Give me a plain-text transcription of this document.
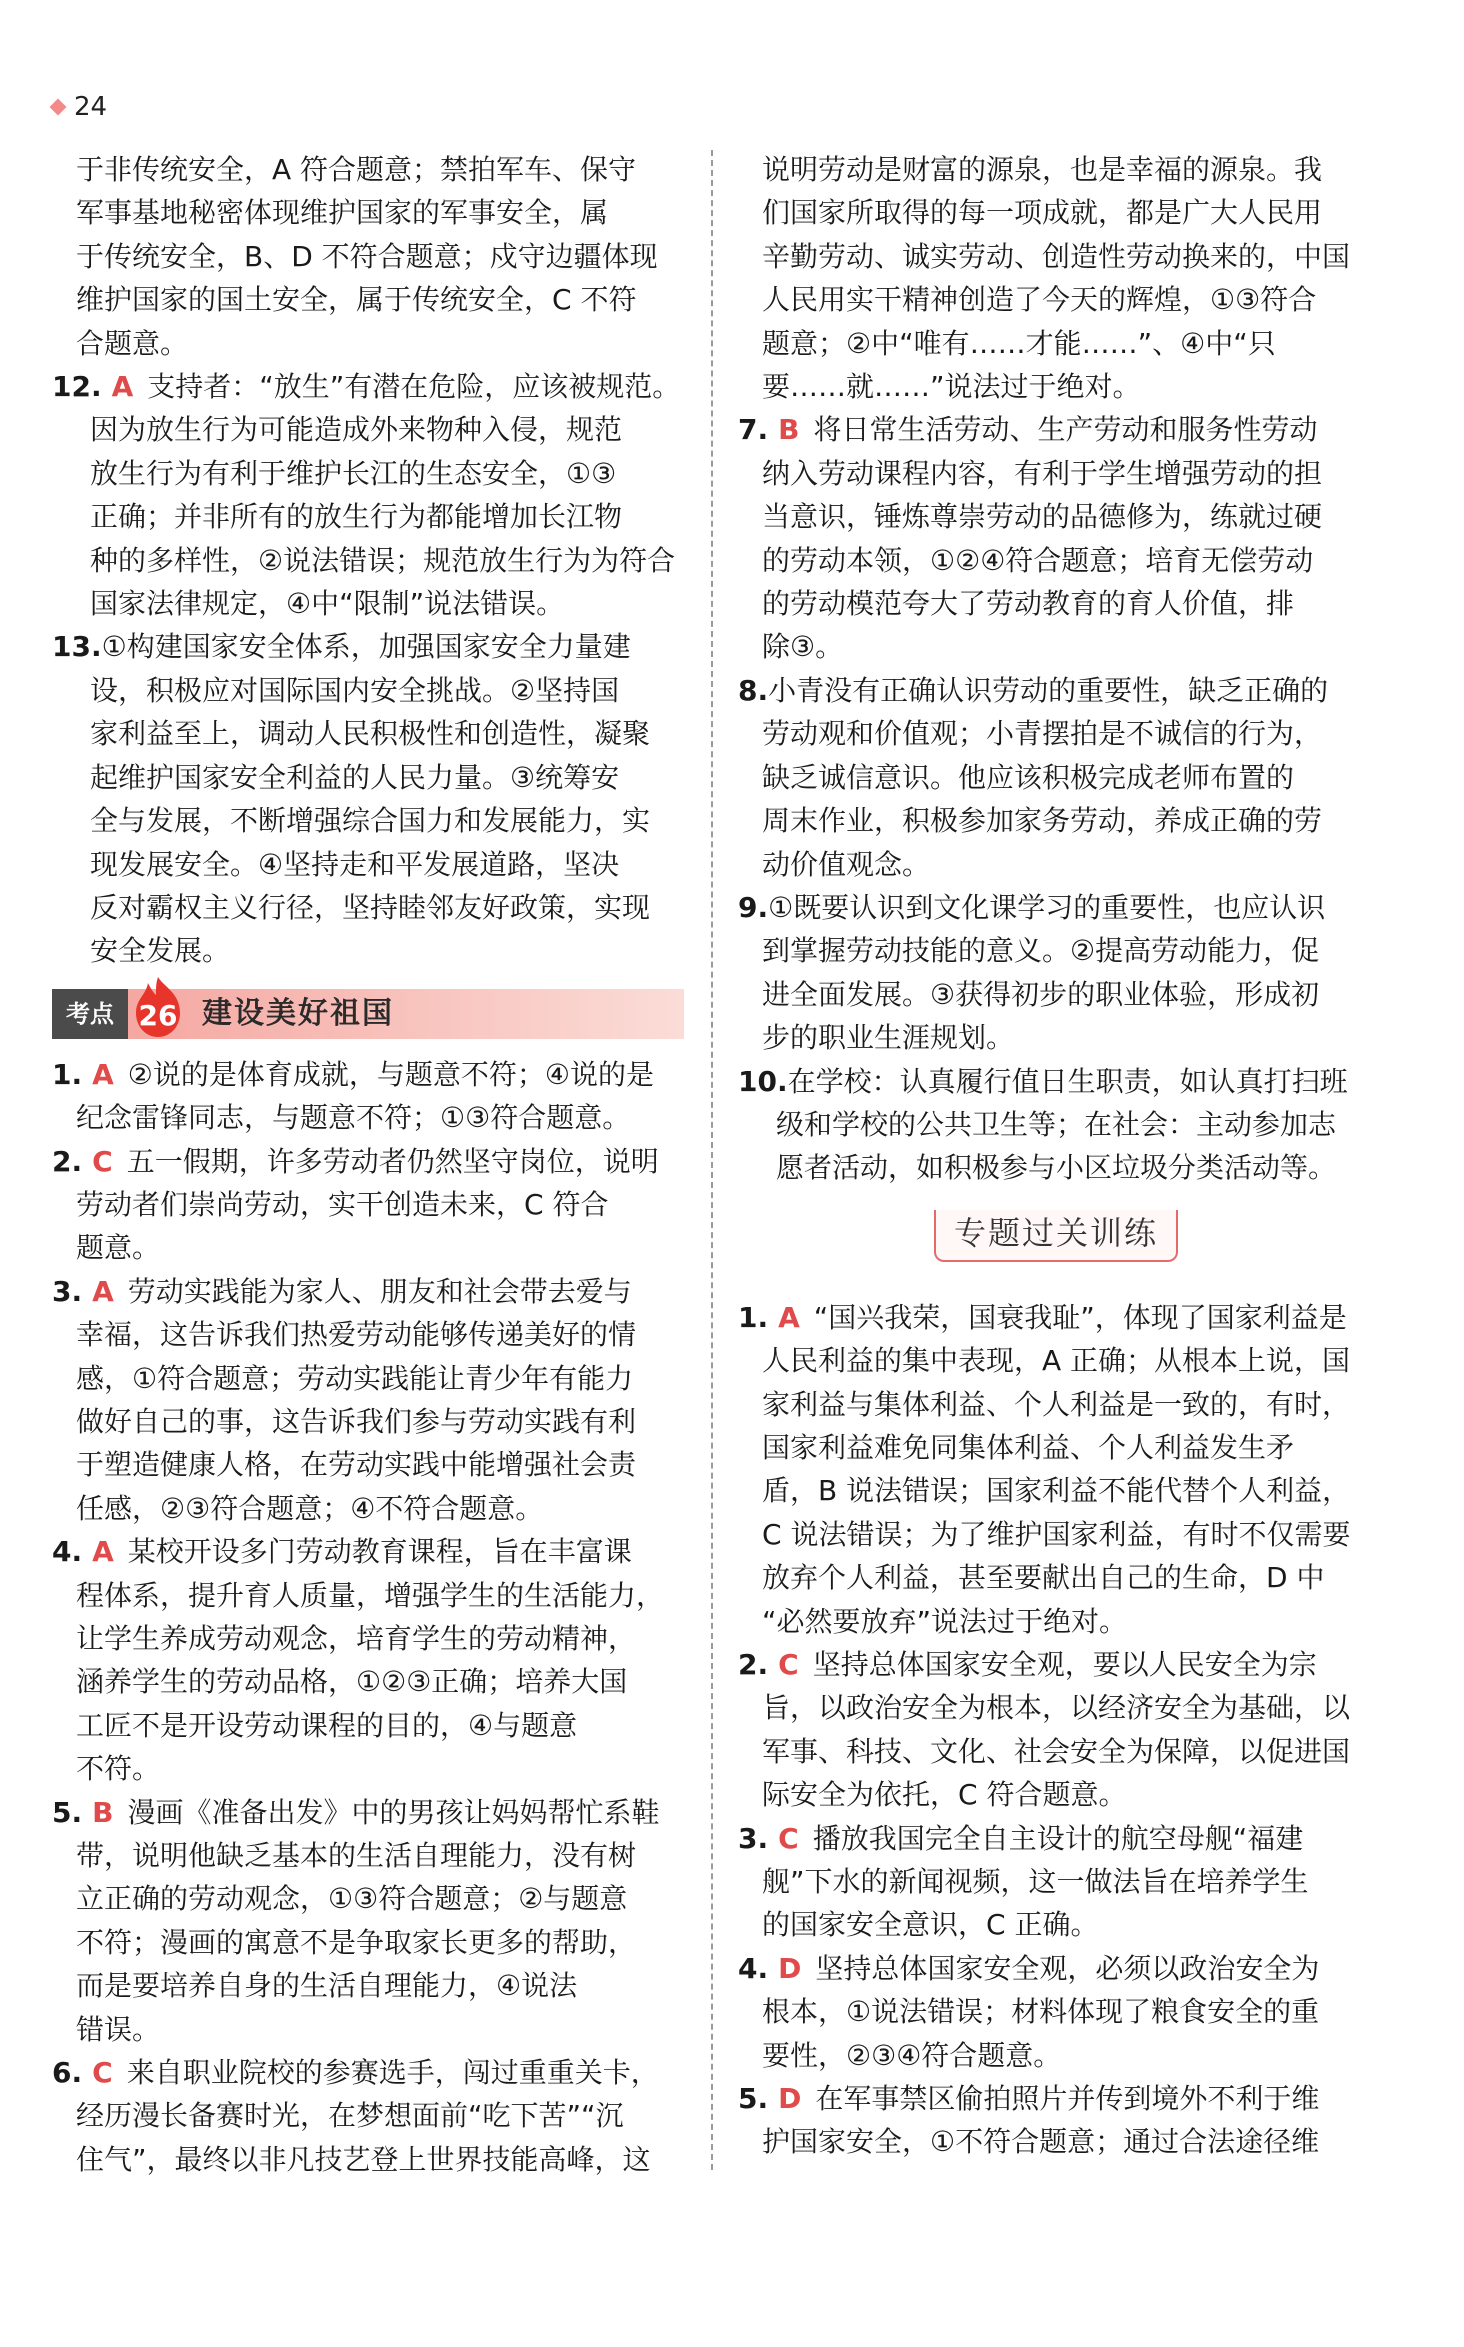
24
于非传统安全，A 符合题意；禁拍军车、保守
军事基地秘密体现维护国家的军事安全，属
于传统安全，B、D 不符合题意；戍守边疆体现
维护国家的国土安全，属于传统安全，C 不符
合题意。
12. A 支持者：“放生”有潜在危险，应该被规范。
因为放生行为可能造成外来物种入侵，规范
放生行为有利于维护长江的生态安全，①③
正确；并非所有的放生行为都能增加长江物
种的多样性，②说法错误；规范放生行为为符合
国家法律规定，④中“限制”说法错误。
13.①构建国家安全体系，加强国家安全力量建
设，积极应对国际国内安全挑战。②坚持国
家利益至上，调动人民积极性和创造性，凝聚
起维护国家安全利益的人民力量。③统筹安
全与发展，不断增强综合国力和发展能力，实
现发展安全。④坚持走和平发展道路，坚决
反对霸权主义行径，坚持睦邻友好政策，实现
安全发展。
考点 26 建设美好祖国
1. A ②说的是体育成就，与题意不符；④说的是
纪念雷锋同志，与题意不符；①③符合题意。
2. C 五一假期，许多劳动者仍然坚守岗位，说明
劳动者们崇尚劳动，实干创造未来，C 符合
题意。
3. A 劳动实践能为家人、朋友和社会带去爱与
幸福，这告诉我们热爱劳动能够传递美好的情
感，①符合题意；劳动实践能让青少年有能力
做好自己的事，这告诉我们参与劳动实践有利
于塑造健康人格，在劳动实践中能增强社会责
任感，②③符合题意；④不符合题意。
4. A 某校开设多门劳动教育课程，旨在丰富课
程体系，提升育人质量，增强学生的生活能力，
让学生养成劳动观念，培育学生的劳动精神，
涵养学生的劳动品格，①②③正确；培养大国
工匠不是开设劳动课程的目的，④与题意
不符。
5. B 漫画《准备出发》中的男孩让妈妈帮忙系鞋
带，说明他缺乏基本的生活自理能力，没有树
立正确的劳动观念，①③符合题意；②与题意
不符；漫画的寓意不是争取家长更多的帮助，
而是要培养自身的生活自理能力，④说法
错误。
6. C 来自职业院校的参赛选手，闯过重重关卡，
经历漫长备赛时光，在梦想面前“吃下苦”“沉
住气”，最终以非凡技艺登上世界技能高峰，这
说明劳动是财富的源泉，也是幸福的源泉。我
们国家所取得的每一项成就，都是广大人民用
辛勤劳动、诚实劳动、创造性劳动换来的，中国
人民用实干精神创造了今天的辉煌，①③符合
题意；②中“唯有……才能……”、④中“只
要……就……”说法过于绝对。
7. B 将日常生活劳动、生产劳动和服务性劳动
纳入劳动课程内容，有利于学生增强劳动的担
当意识，锤炼尊崇劳动的品德修为，练就过硬
的劳动本领，①②④符合题意；培育无偿劳动
的劳动模范夸大了劳动教育的育人价值，排
除③。
8.小青没有正确认识劳动的重要性，缺乏正确的
劳动观和价值观；小青摆拍是不诚信的行为，
缺乏诚信意识。他应该积极完成老师布置的
周末作业，积极参加家务劳动，养成正确的劳
动价值观念。
9.①既要认识到文化课学习的重要性，也应认识
到掌握劳动技能的意义。②提高劳动能力，促
进全面发展。③获得初步的职业体验，形成初
步的职业生涯规划。
10.在学校：认真履行值日生职责，如认真打扫班
级和学校的公共卫生等；在社会：主动参加志
愿者活动，如积极参与小区垃圾分类活动等。
专题过关训练
1. A “国兴我荣，国衰我耻”，体现了国家利益是
人民利益的集中表现，A 正确；从根本上说，国
家利益与集体利益、个人利益是一致的，有时，
国家利益难免同集体利益、个人利益发生矛
盾，B 说法错误；国家利益不能代替个人利益，
C 说法错误；为了维护国家利益，有时不仅需要
放弃个人利益，甚至要献出自己的生命，D 中
“必然要放弃”说法过于绝对。
2. C 坚持总体国家安全观，要以人民安全为宗
旨，以政治安全为根本，以经济安全为基础，以
军事、科技、文化、社会安全为保障，以促进国
际安全为依托，C 符合题意。
3. C 播放我国完全自主设计的航空母舰“福建
舰”下水的新闻视频，这一做法旨在培养学生
的国家安全意识，C 正确。
4. D 坚持总体国家安全观，必须以政治安全为
根本，①说法错误；材料体现了粮食安全的重
要性，②③④符合题意。
5. D 在军事禁区偷拍照片并传到境外不利于维
护国家安全，①不符合题意；通过合法途径维
